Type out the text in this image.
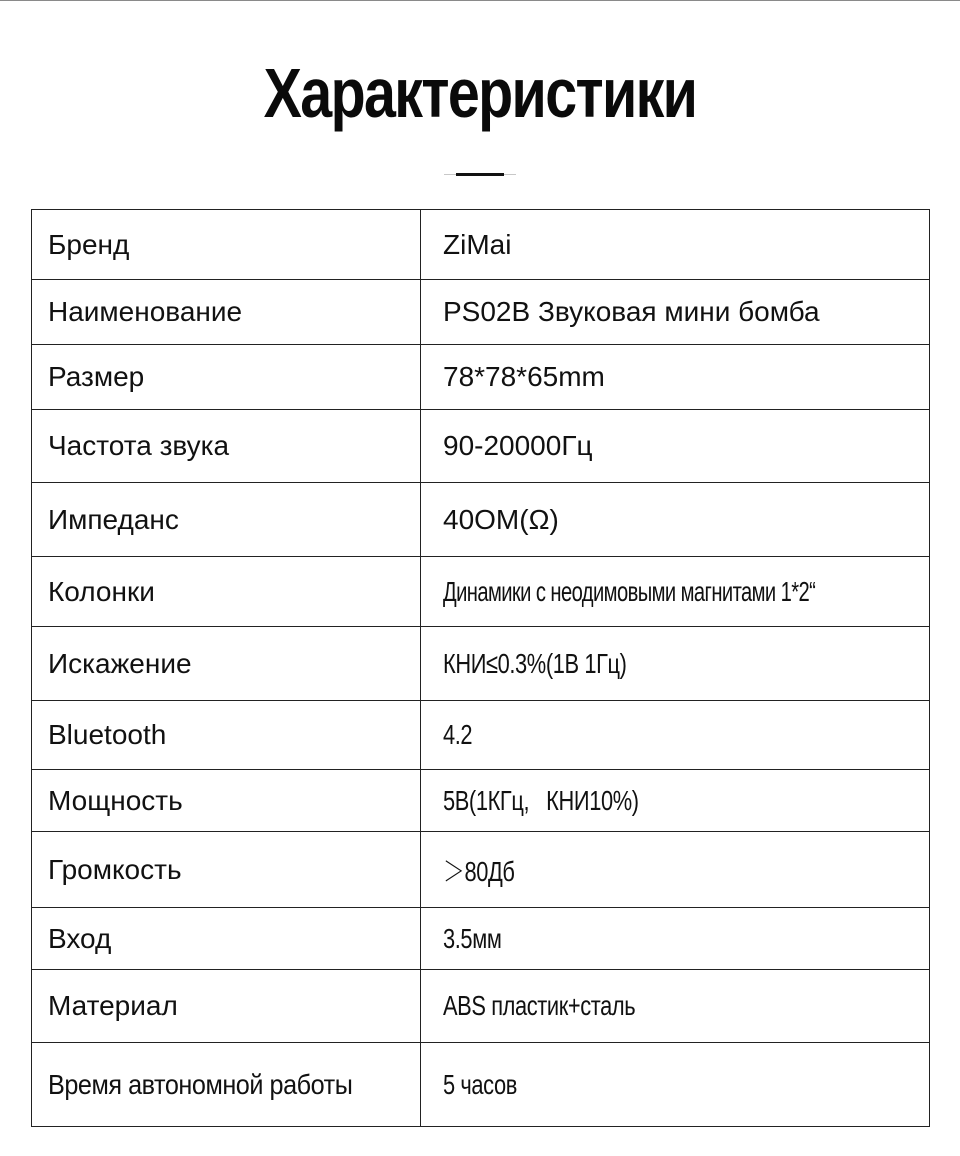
Характеристики
Бренд	ZiMai
Наименование	PS02B Звуковая мини бомба
Размер	78*78*65mm
Частота звука	90-20000Гц
Импеданс	40OM(Ω)
Колонки	Динамики с неодимовыми магнитами 1*2“
Искажение	КНИ≤0.3%(1В 1Гц)
Bluetooth	4.2
Мощность	5В(1КГц,   КНИ10%)
Громкость	＞80Дб
Вход	3.5мм
Материал	ABS пластик+сталь
Время автономной работы	5 часов
